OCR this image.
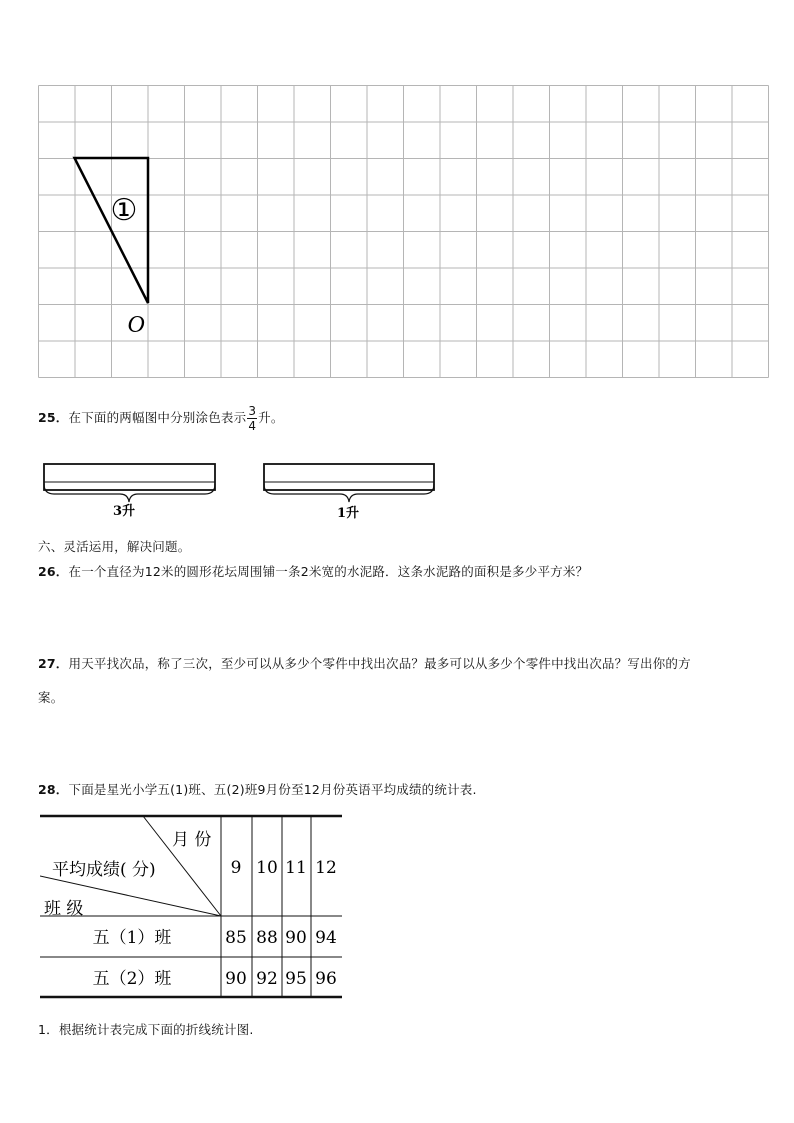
①
O
25．在下面的两幅图中分别涂色表示 $\frac{3}{4}$ 升。
3升	1升
六、灵活运用，解决问题。
26．在一个直径为12米的圆形花坛周围铺一条2米宽的水泥路．这条水泥路的面积是多少平方米？
27．用天平找次品，称了三次，至少可以从多少个零件中找出次品？最多可以从多少个零件中找出次品？写出你的方
案。
28．下面是星光小学五(1)班、五(2)班9月份至12月份英语平均成绩的统计表.
月 份
平均成绩( 分)
班 级
9 10 11 12
五（1）班	85 88 90 94
五（2）班	90 92 95 96
1．根据统计表完成下面的折线统计图.
